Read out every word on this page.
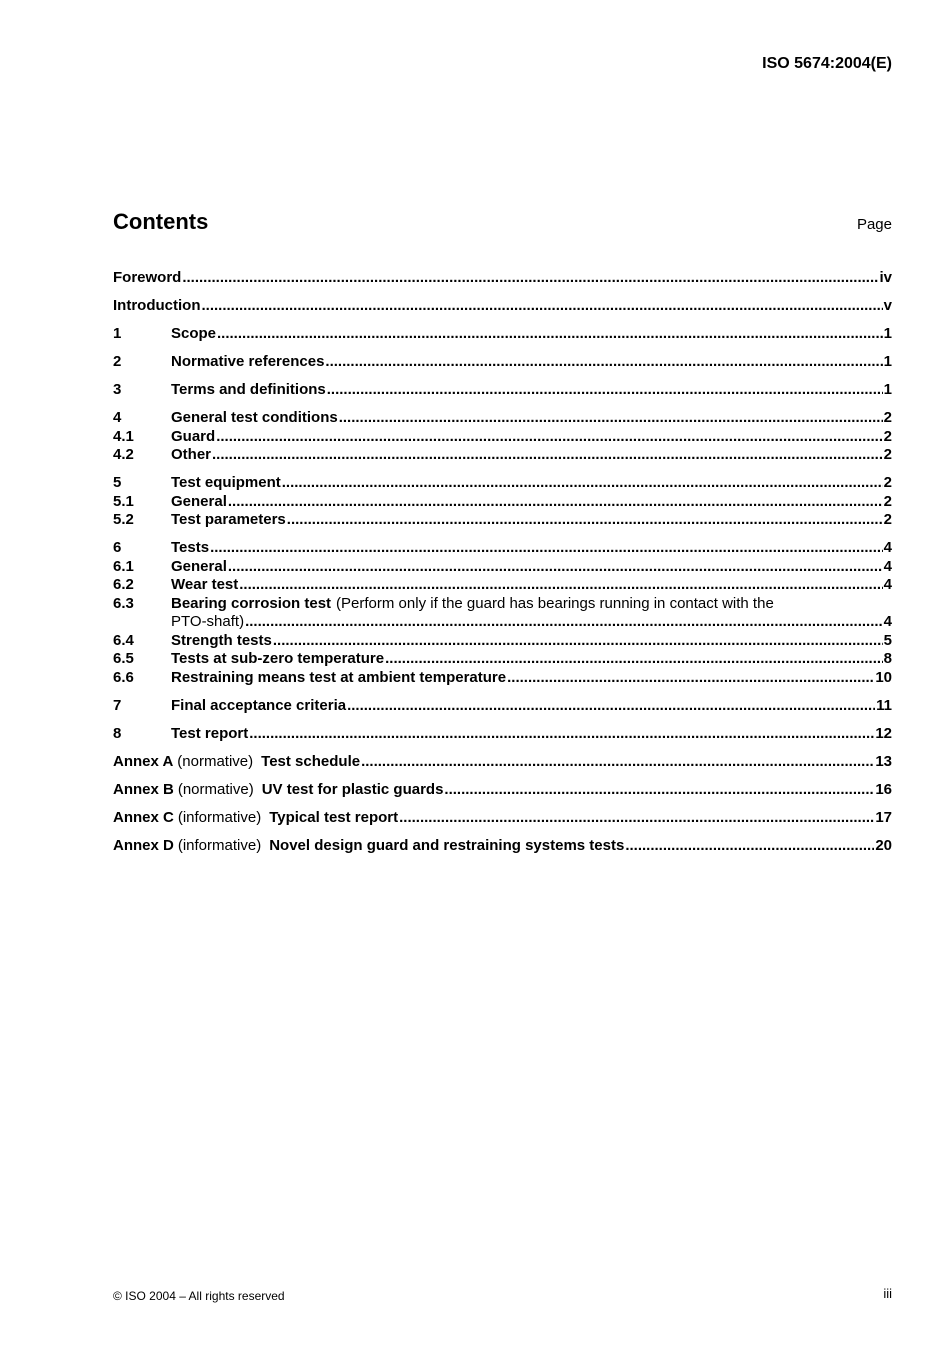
ISO 5674:2004(E)
Contents	Page
Foreword .....	iv
Introduction .....	v
1	Scope .....	1
2	Normative references .....	1
3	Terms and definitions .....	1
4	General test conditions .....	2
4.1	Guard .....	2
4.2	Other .....	2
5	Test equipment .....	2
5.1	General .....	2
5.2	Test parameters .....	2
6	Tests .....	4
6.1	General .....	4
6.2	Wear test .....	4
6.3	Bearing corrosion test (Perform only if the guard has bearings running in contact with the
PTO-shaft) .....	4
6.4	Strength tests .....	5
6.5	Tests at sub-zero temperature .....	8
6.6	Restraining means test at ambient temperature .....	10
7	Final acceptance criteria .....	11
8	Test report .....	12
Annex A (normative) Test schedule .....	13
Annex B (normative) UV test for plastic guards .....	16
Annex C (informative) Typical test report .....	17
Annex D (informative) Novel design guard and restraining systems tests .....	20
© ISO 2004 – All rights reserved	iii
